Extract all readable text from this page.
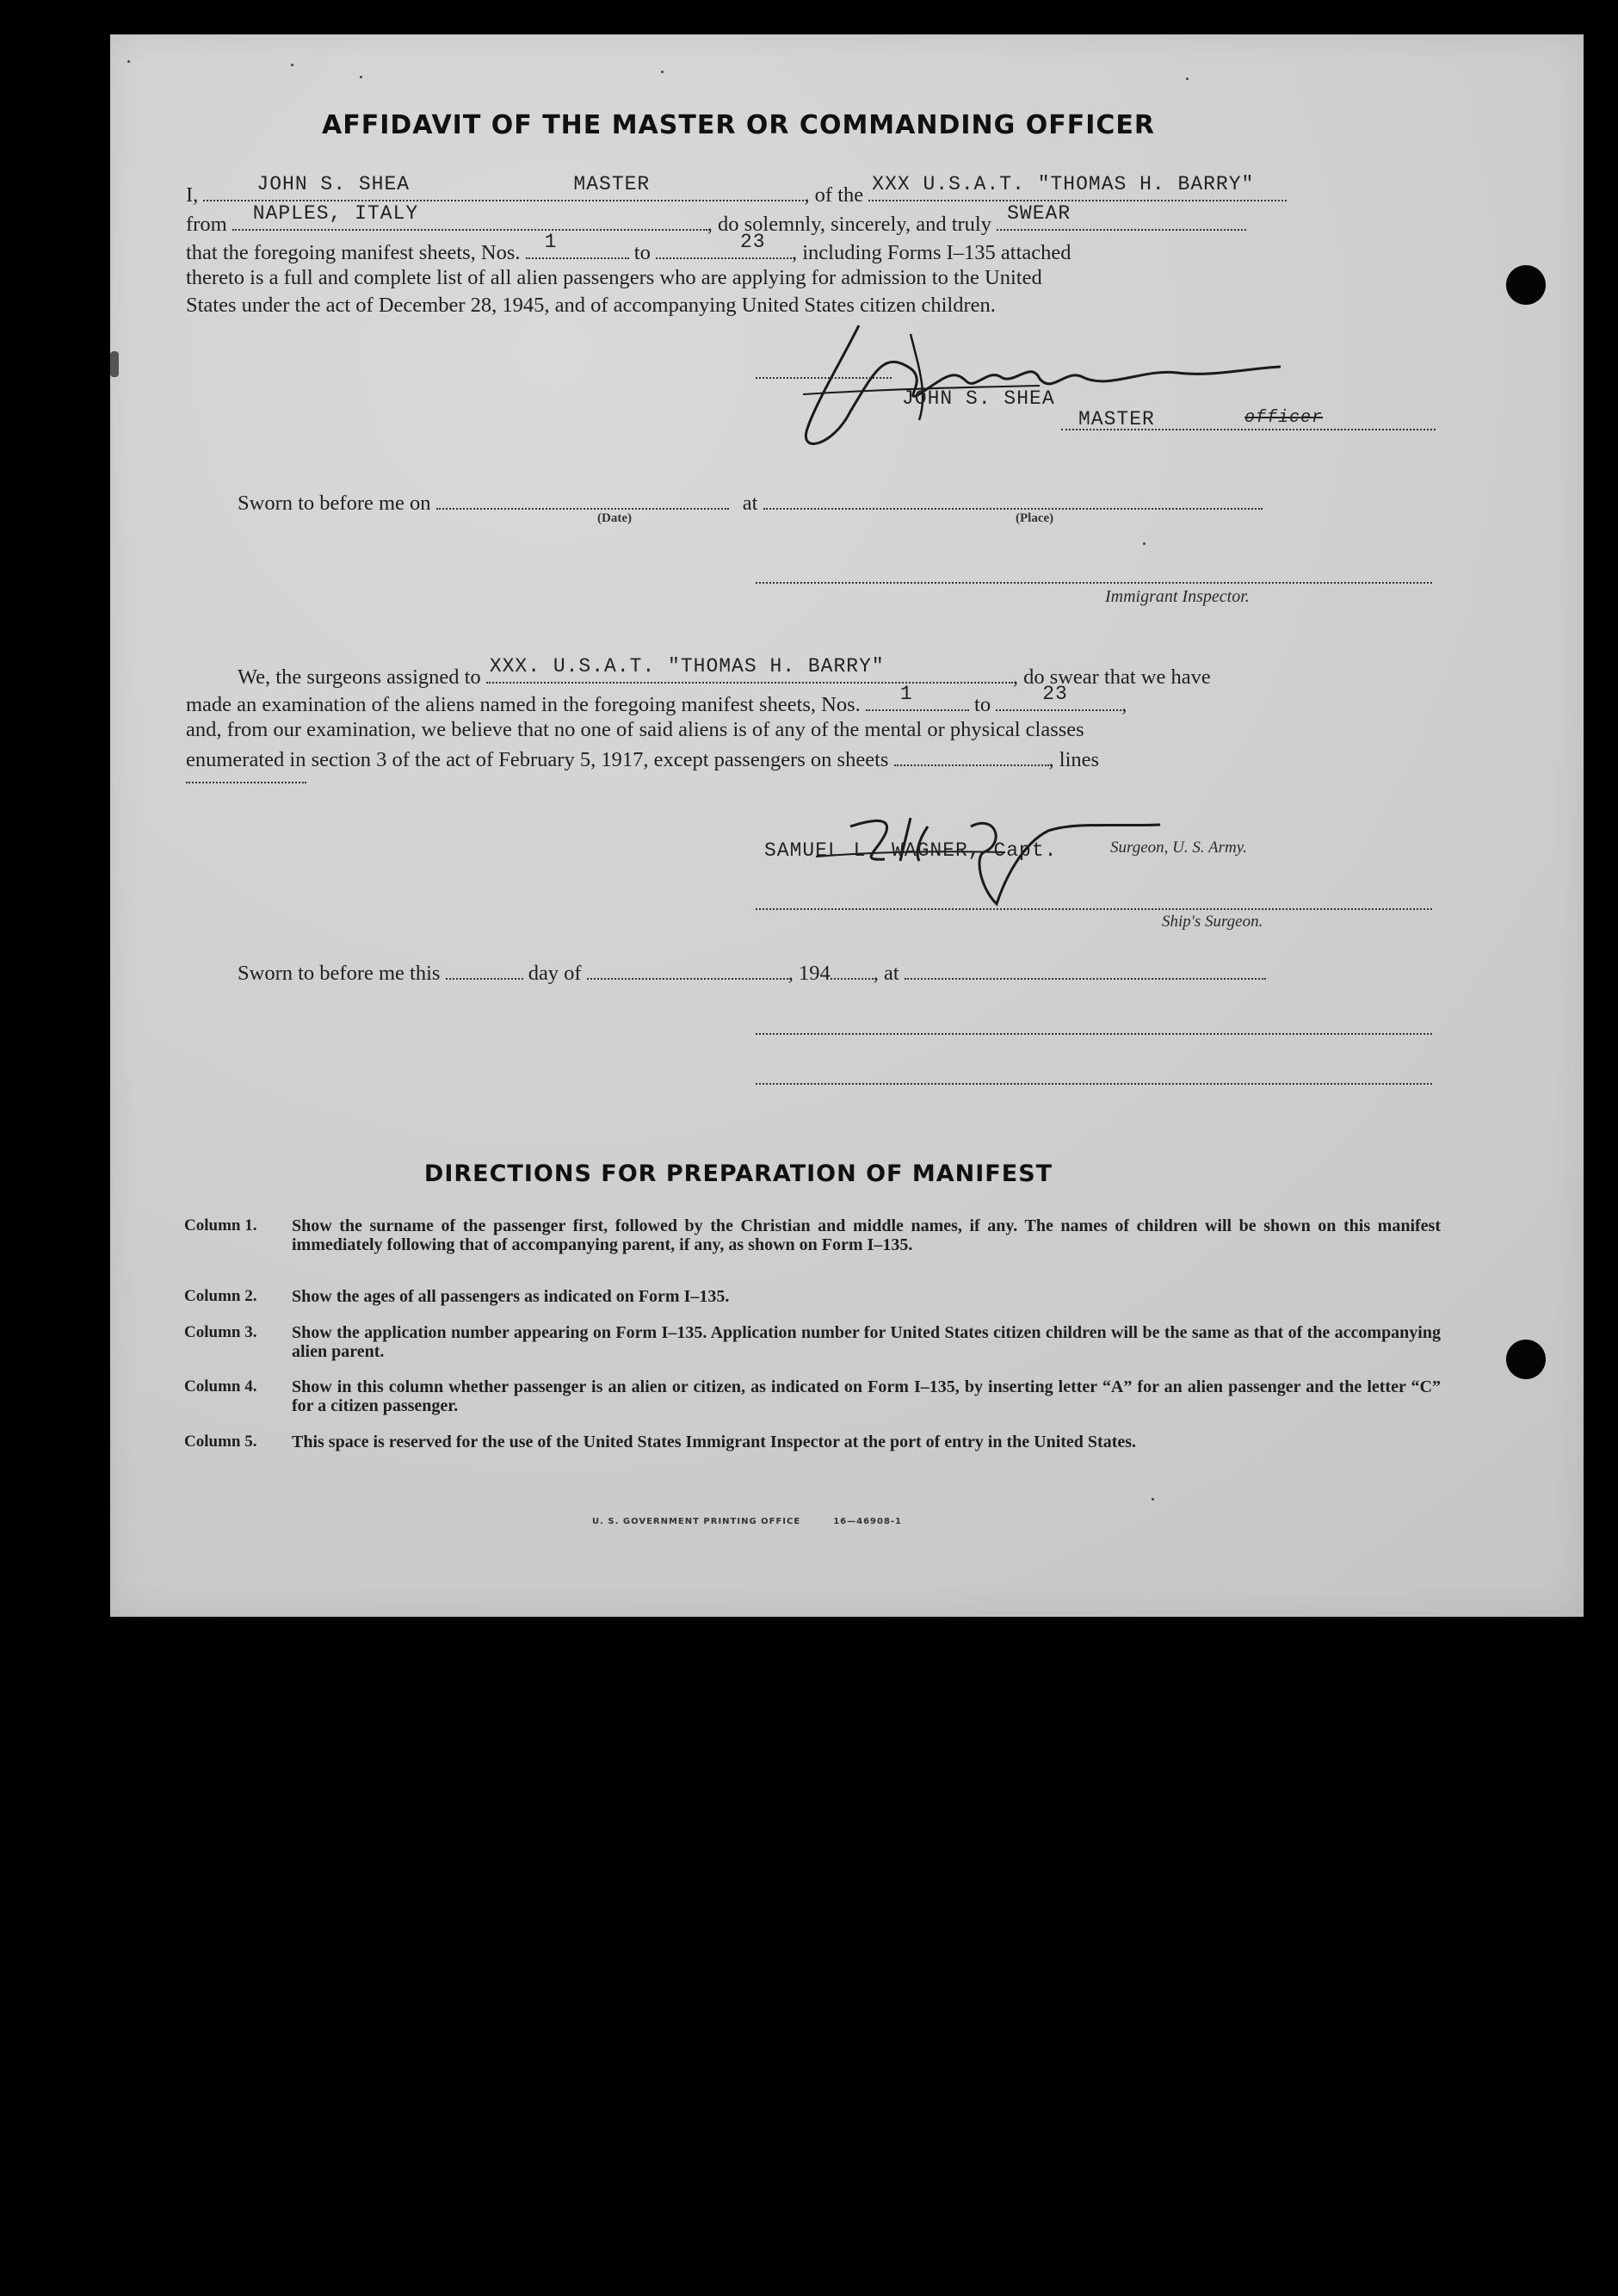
AFFIDAVIT OF THE MASTER OR COMMANDING OFFICER
I,	JOHN S. SHEA	MASTER	, of the XXX U.S.A.T. "THOMAS H. BARRY"
from NAPLES, ITALY	, do solemnly, sincerely, and truly SWEAR
that the foregoing manifest sheets, Nos. 1	to	23 , including Forms I–135 attached
thereto is a full and complete list of all alien passengers who are applying for admission to the United
States under the act of December 28, 1945, and of accompanying United States citizen children.
JOHN S. SHEA
MASTER	officer
Sworn to before me on	at
(Date)	(Place)
Immigrant Inspector.
We, the surgeons assigned to XXX. U.S.A.T. "THOMAS H. BARRY"	, do swear that we have
made an examination of the aliens named in the foregoing manifest sheets, Nos. 1	to	23	,
and, from our examination, we believe that no one of said aliens is of any of the mental or physical classes
enumerated in section 3 of the act of February 5, 1917, except passengers on sheets	, lines
SAMUEL L. WAGNER, Capt.	Surgeon, U. S. Army.
Ship's Surgeon.
Sworn to before me this	day of	, 194 , at
DIRECTIONS FOR PREPARATION OF MANIFEST
Column 1.	Show the surname of the passenger first, followed by the Christian and middle names, if any. The names of children will be shown on this manifest immediately following that of accompanying parent, if any, as shown on Form I–135.
Column 2.	Show the ages of all passengers as indicated on Form I–135.
Column 3.	Show the application number appearing on Form I–135. Application number for United States citizen children will be the same as that of the accompanying alien parent.
Column 4.	Show in this column whether passenger is an alien or citizen, as indicated on Form I–135, by inserting letter “A” for an alien passenger and the letter “C” for a citizen passenger.
Column 5.	This space is reserved for the use of the United States Immigrant Inspector at the port of entry in the United States.
U. S. GOVERNMENT PRINTING OFFICE	16—46908-1
